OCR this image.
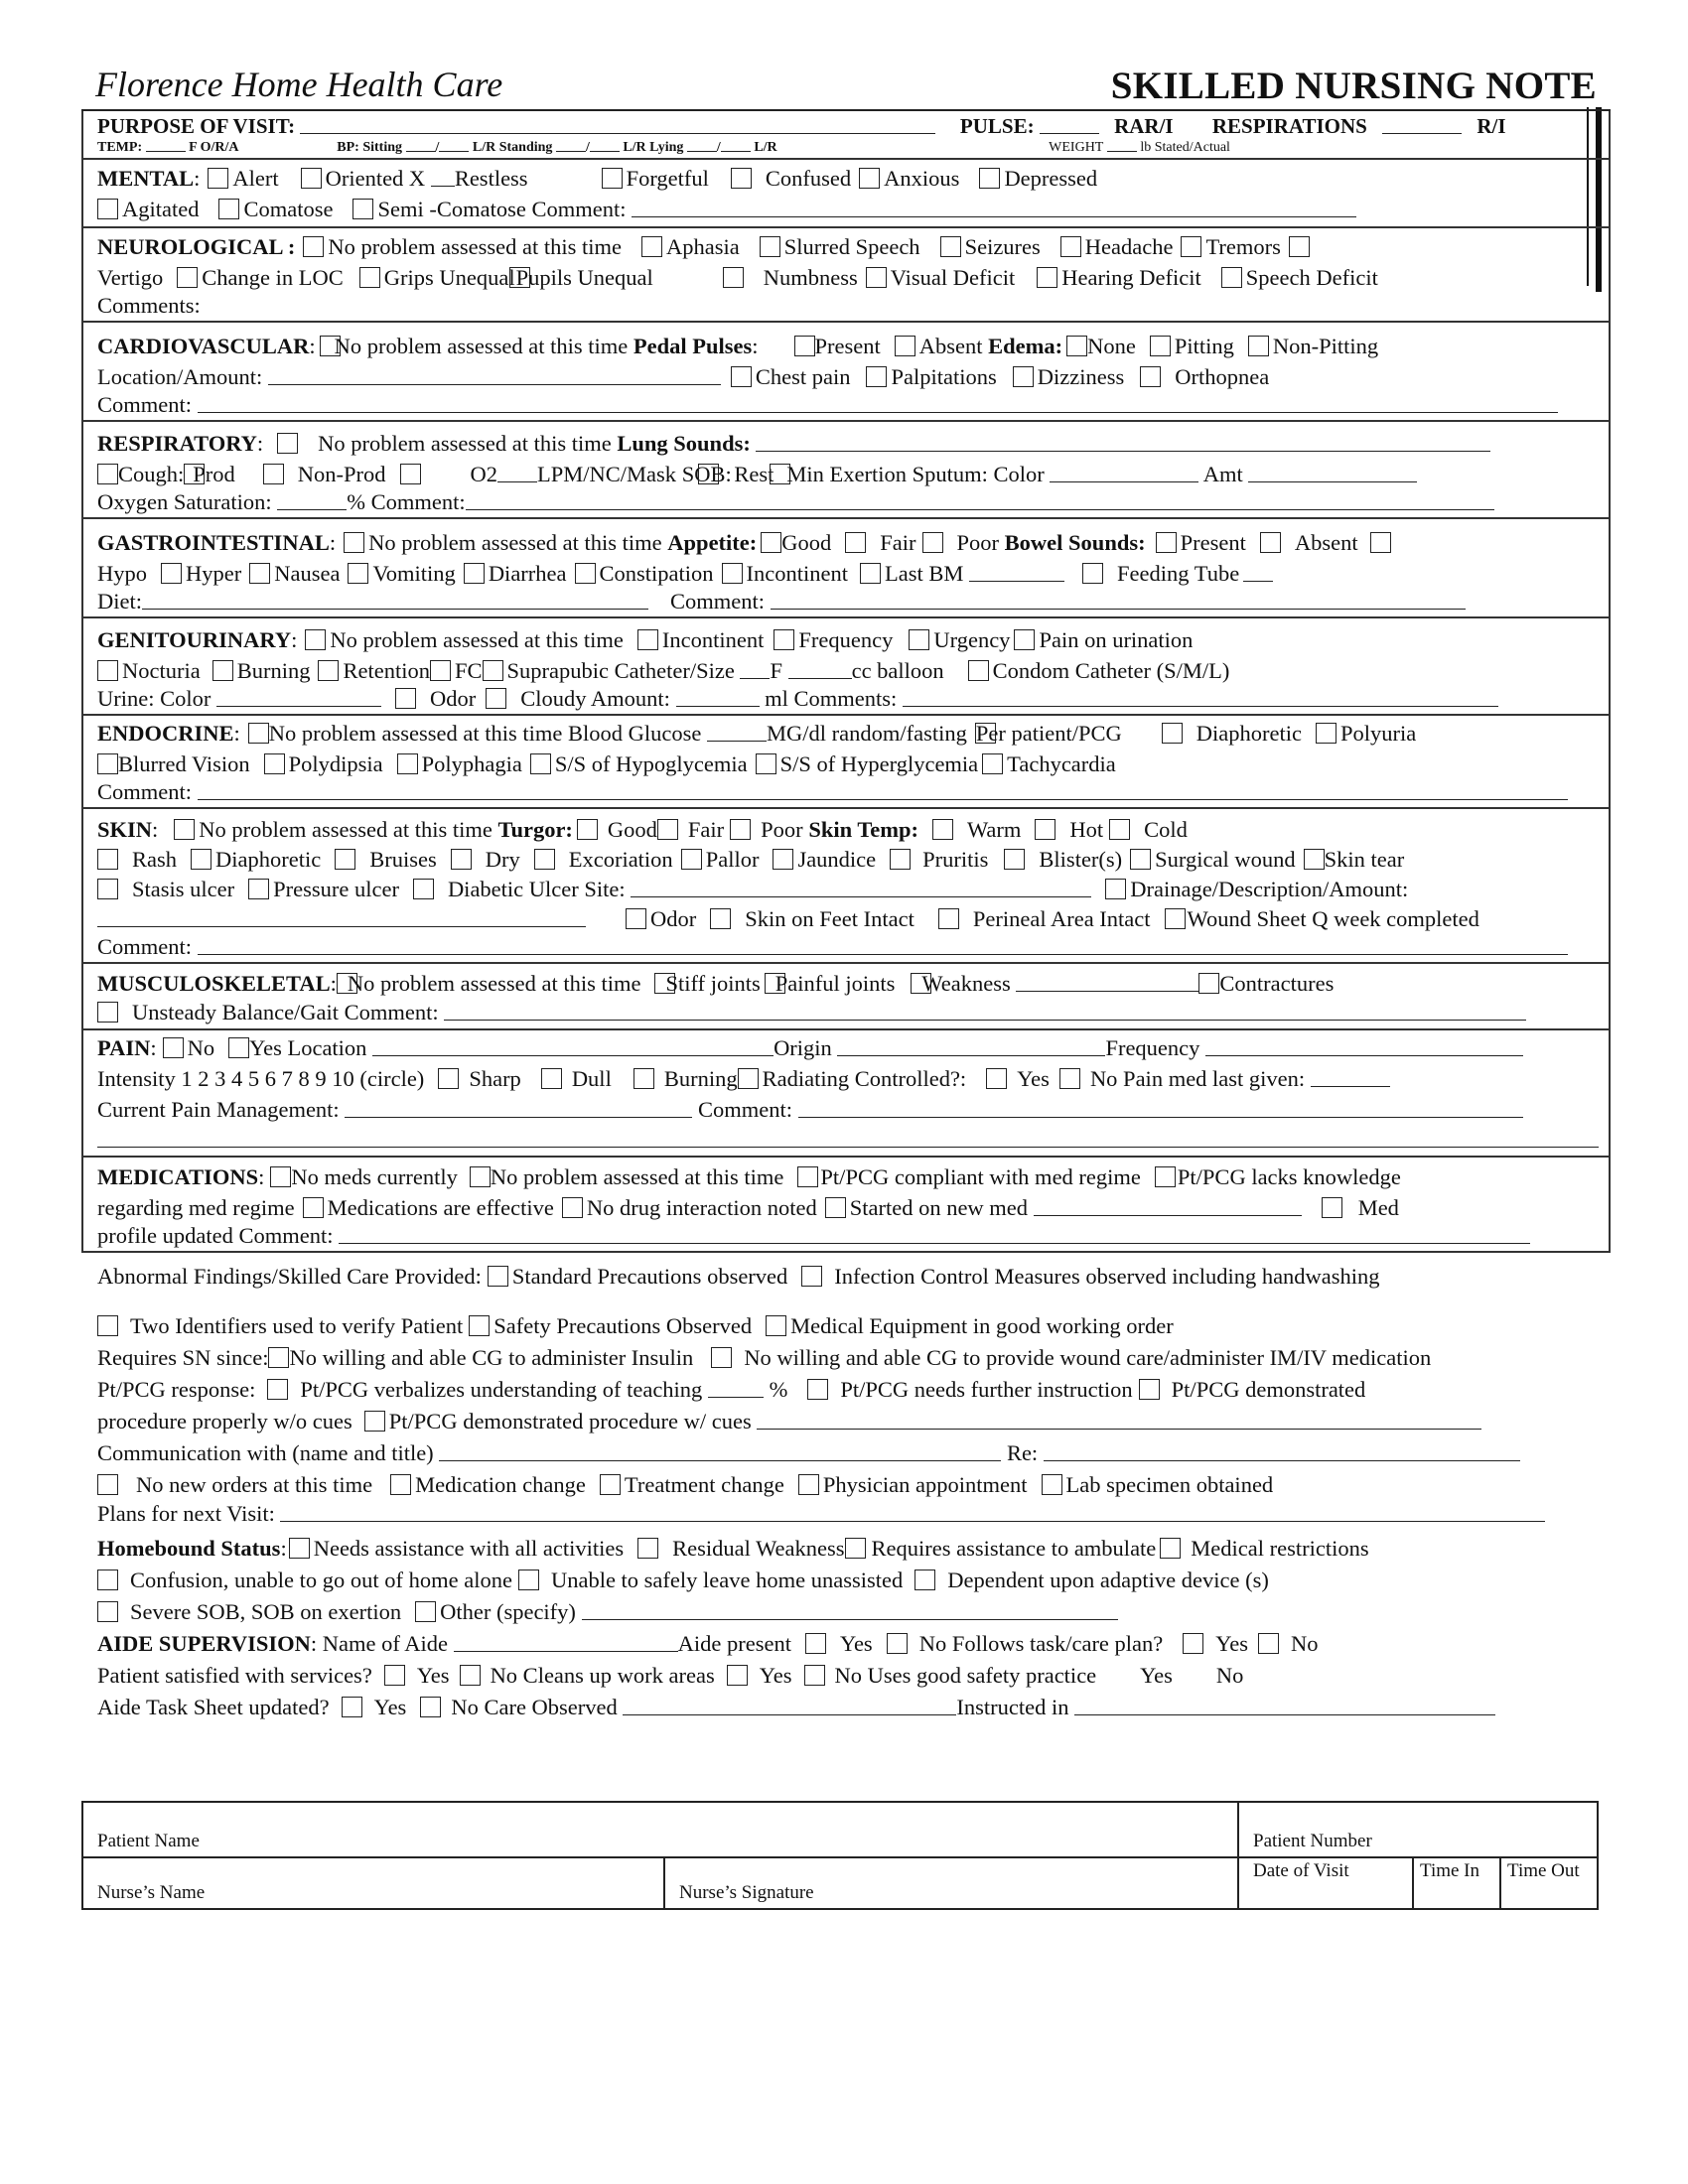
Florence Home Health Care	SKILLED NURSING NOTE
PURPOSE OF VISIT:	PULSE:	RAR/I RESPIRATIONS	R/I
TEMP:	F O/R/A	BP: Sitting / L/R Standing / L/R Lying / L/R	WEIGHT	lb Stated/Actual
MENTAL: Alert Oriented X Restless	Forgetful	Confused Anxious Depressed
Agitated Comatose Semi -Comatose Comment:
NEUROLOGICAL : No problem assessed at this time Aphasia Slurred Speech Seizures Headache Tremors
Vertigo Change in LOC Grips UnequalPupils Unequal	Numbness Visual Deficit Hearing Deficit Speech Deficit
Comments:
CARDIOVASCULAR: No problem assessed at this time Pedal Pulses:	Present Absent Edema: None Pitting Non-Pitting
Location/Amount:	Chest pain Palpitations Dizziness Orthopnea
Comment:
RESPIRATORY: No problem assessed at this time Lung Sounds:
Cough: Prod	Non-Prod	O2 LPM/NC/Mask SOB: Rest Min Exertion Sputum: Color	Amt
Oxygen Saturation:	% Comment:
GASTROINTESTINAL: No problem assessed at this time Appetite: Good Fair Poor Bowel Sounds: Present Absent
Hypo Hyper Nausea Vomiting Diarrhea Constipation Incontinent Last BM	Feeding Tube
Diet:	Comment:
GENITOURINARY: No problem assessed at this time Incontinent Frequency Urgency Pain on urination
Nocturia Burning Retention FC Suprapubic Catheter/Size F	cc balloon Condom Catheter (S/M/L)
Urine: Color	Odor Cloudy Amount:	ml Comments:
ENDOCRINE: No problem assessed at this time Blood Glucose	MG/dl random/fasting Per patient/PCG	Diaphoretic Polyuria
Blurred Vision Polydipsia Polyphagia S/S of Hypoglycemia S/S of Hyperglycemia Tachycardia
Comment:
SKIN: No problem assessed at this time Turgor: Good Fair Poor Skin Temp: Warm Hot Cold
Rash Diaphoretic Bruises Dry Excoriation Pallor Jaundice Pruritis Blister(s) Surgical wound Skin tear
Stasis ulcer Pressure ulcer Diabetic Ulcer Site:	Drainage/Description/Amount:
Odor Skin on Feet Intact	Perineal Area Intact Wound Sheet Q week completed
Comment:
MUSCULOSKELETAL: No problem assessed at this time Stiff joints Painful joints Weakness	Contractures
Unsteady Balance/Gait Comment:
PAIN: No Yes Location	Origin	Frequency
Intensity 1 2 3 4 5 6 7 8 9 10 (circle) Sharp Dull Burning Radiating Controlled?: Yes No Pain med last given:
Current Pain Management:	Comment:
MEDICATIONS: No meds currently No problem assessed at this time Pt/PCG compliant with med regime Pt/PCG lacks knowledge
regarding med regime Medications are effective No drug interaction noted Started on new med	Med
profile updated Comment:
Abnormal Findings/Skilled Care Provided: Standard Precautions observed Infection Control Measures observed including handwashing
Two Identifiers used to verify Patient Safety Precautions Observed Medical Equipment in good working order
Requires SN since: No willing and able CG to administer Insulin No willing and able CG to provide wound care/administer IM/IV medication
Pt/PCG response: Pt/PCG verbalizes understanding of teaching	% Pt/PCG needs further instruction Pt/PCG demonstrated
procedure properly w/o cues Pt/PCG demonstrated procedure w/ cues
Communication with (name and title)	Re:
No new orders at this time Medication change Treatment change Physician appointment Lab specimen obtained
Plans for next Visit:
Homebound Status: Needs assistance with all activities Residual Weakness Requires assistance to ambulate Medical restrictions
Confusion, unable to go out of home alone Unable to safely leave home unassisted Dependent upon adaptive device (s)
Severe SOB, SOB on exertion Other (specify)
AIDE SUPERVISION: Name of Aide	Aide present Yes No Follows task/care plan? Yes No
Patient satisfied with services? Yes No Cleans up work areas Yes No Uses good safety practice Yes No
Aide Task Sheet updated? Yes No Care Observed	Instructed in
Patient Name		Patient Number		
Nurse’s Name	Nurse’s Signature	Date of Visit	Time In	Time Out
